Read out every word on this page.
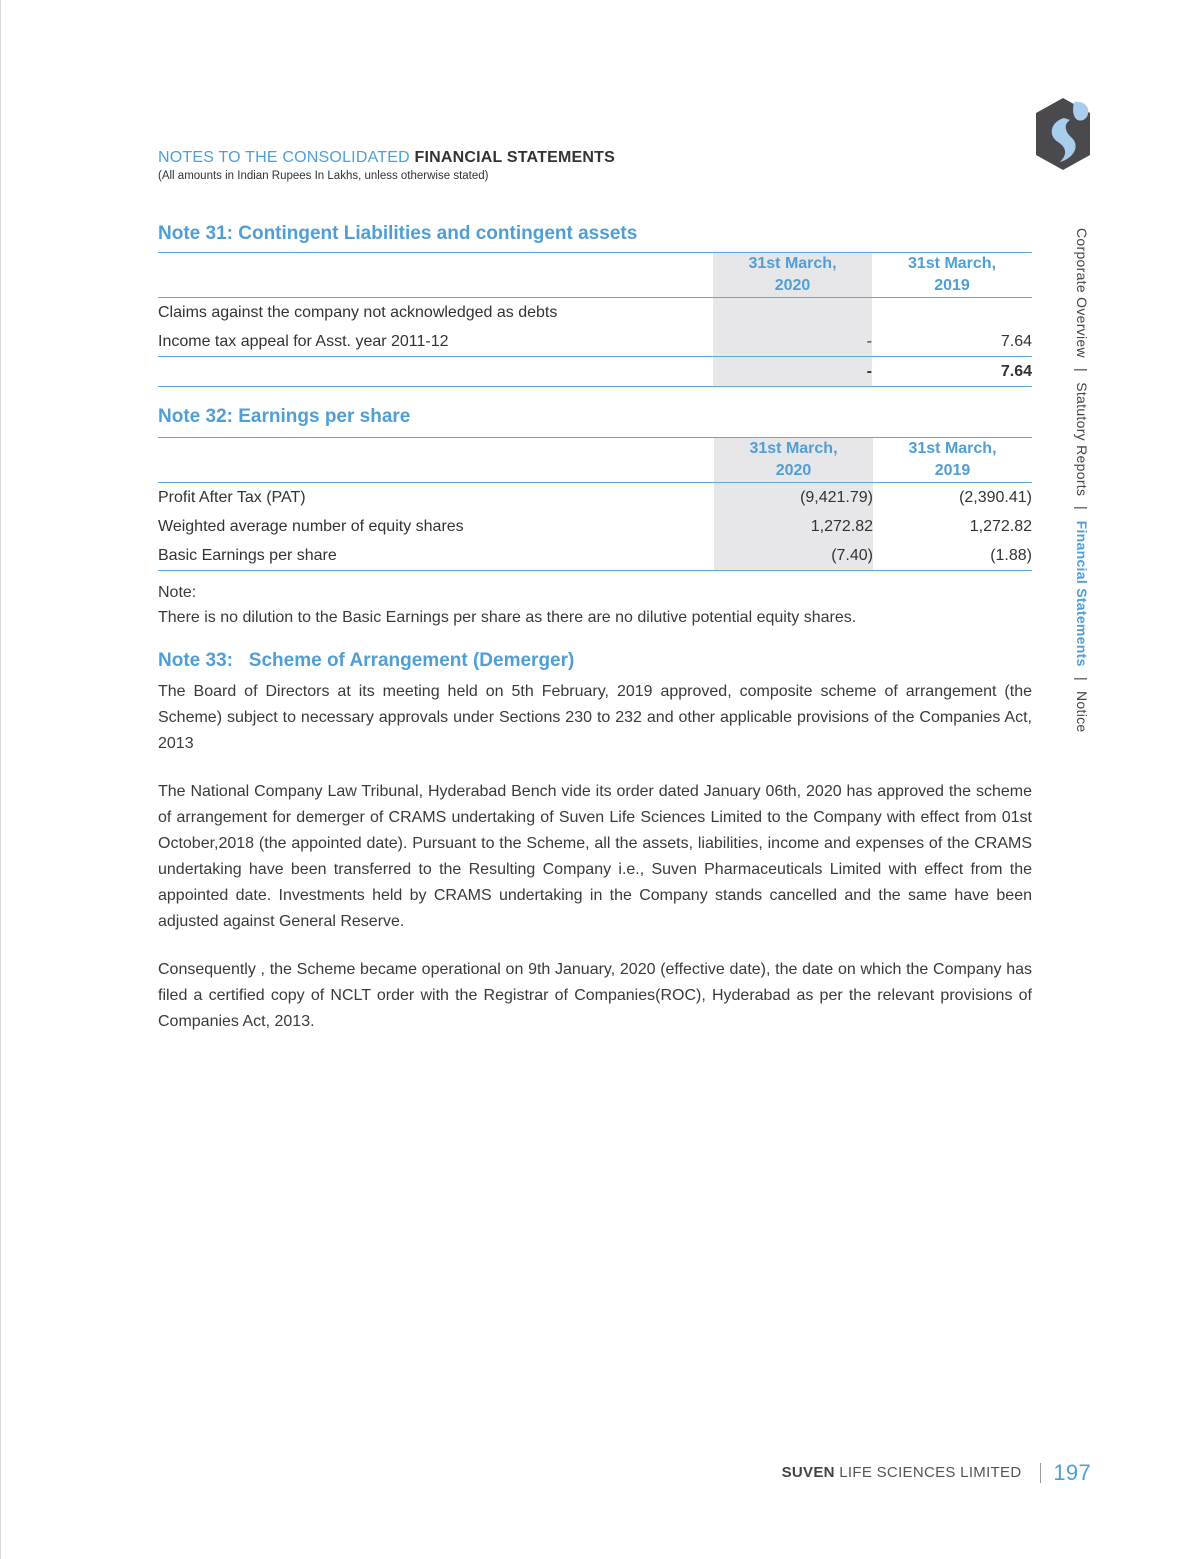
NOTES TO THE CONSOLIDATED FINANCIAL STATEMENTS
(All amounts in Indian Rupees In Lakhs, unless otherwise stated)
Corporate Overview | Statutory Reports | Financial Statements | Notice
Note 31: Contingent Liabilities and contingent assets
	31st March, 2020	31st March, 2019
Claims against the company not acknowledged as debts		
Income tax appeal for Asst. year 2011-12	-	7.64
	-	7.64
Note 32: Earnings per share
	31st March, 2020	31st March, 2019
Profit After Tax (PAT)	(9,421.79)	(2,390.41)
Weighted average number of equity shares	1,272.82	1,272.82
Basic Earnings per share	(7.40)	(1.88)
Note:

There is no dilution to the Basic Earnings per share as there are no dilutive potential equity shares.

Note 33:   Scheme of Arrangement (Demerger)

The Board of Directors at its meeting held on 5th February, 2019 approved, composite scheme of arrangement (the Scheme) subject to necessary approvals under Sections 230 to 232 and other applicable provisions of the Companies Act, 2013

The National Company Law Tribunal, Hyderabad Bench vide its order dated January 06th, 2020 has approved the scheme of arrangement for demerger of CRAMS undertaking of Suven Life Sciences Limited to the Company with effect from 01st October,2018 (the appointed date). Pursuant to the Scheme, all the assets, liabilities, income and expenses of the CRAMS undertaking have been transferred to the Resulting Company i.e., Suven Pharmaceuticals Limited with effect from the appointed date. Investments held by CRAMS undertaking in the Company stands cancelled and the same have been adjusted against General Reserve.

Consequently , the Scheme became operational on 9th January, 2020 (effective date), the date on which the Company has filed a certified copy of NCLT order with the Registrar of Companies(ROC), Hyderabad as per the relevant provisions of Companies Act, 2013.

SUVEN LIFE SCIENCES LIMITED 197
